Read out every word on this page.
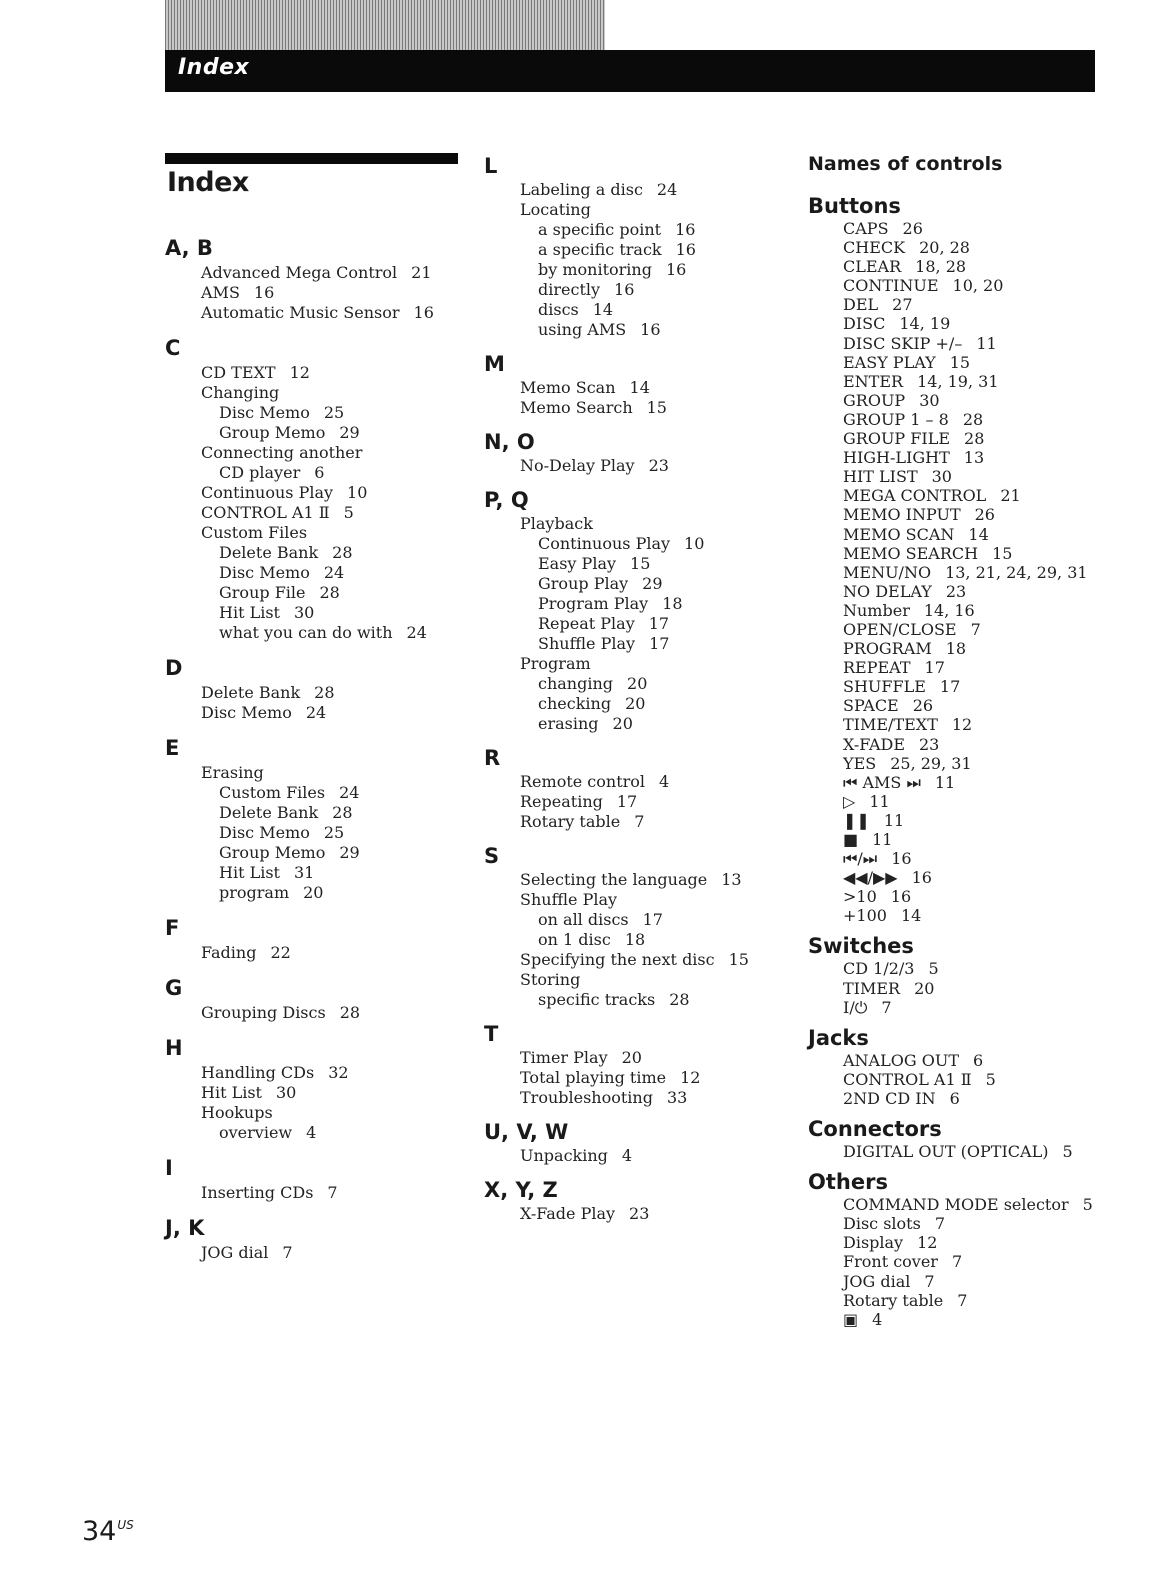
Index
Index
A, B
Advanced Mega Control 21
AMS 16
Automatic Music Sensor 16
C
CD TEXT 12
Changing
Disc Memo 25
Group Memo 29
Connecting another
CD player 6
Continuous Play 10
CONTROL A1 Ⅱ 5
Custom Files
Delete Bank 28
Disc Memo 24
Group File 28
Hit List 30
what you can do with 24
D
Delete Bank 28
Disc Memo 24
E
Erasing
Custom Files 24
Delete Bank 28
Disc Memo 25
Group Memo 29
Hit List 31
program 20
F
Fading 22
G
Grouping Discs 28
H
Handling CDs 32
Hit List 30
Hookups
overview 4
I
Inserting CDs 7
J, K
JOG dial 7
L
Labeling a disc 24
Locating
a specific point 16
a specific track 16
by monitoring 16
directly 16
discs 14
using AMS 16
M
Memo Scan 14
Memo Search 15
N, O
No-Delay Play 23
P, Q
Playback
Continuous Play 10
Easy Play 15
Group Play 29
Program Play 18
Repeat Play 17
Shuffle Play 17
Program
changing 20
checking 20
erasing 20
R
Remote control 4
Repeating 17
Rotary table 7
S
Selecting the language 13
Shuffle Play
on all discs 17
on 1 disc 18
Specifying the next disc 15
Storing
specific tracks 28
T
Timer Play 20
Total playing time 12
Troubleshooting 33
U, V, W
Unpacking 4
X, Y, Z
X-Fade Play 23
Names of controls
Buttons
CAPS 26
CHECK 20, 28
CLEAR 18, 28
CONTINUE 10, 20
DEL 27
DISC 14, 19
DISC SKIP +/– 11
EASY PLAY 15
ENTER 14, 19, 31
GROUP 30
GROUP 1 – 8 28
GROUP FILE 28
HIGH-LIGHT 13
HIT LIST 30
MEGA CONTROL 21
MEMO INPUT 26
MEMO SCAN 14
MEMO SEARCH 15
MENU/NO 13, 21, 24, 29, 31
NO DELAY 23
Number 14, 16
OPEN/CLOSE 7
PROGRAM 18
REPEAT 17
SHUFFLE 17
SPACE 26
TIME/TEXT 12
X-FADE 23
YES 25, 29, 31
⏮ AMS ⏭ 11
▷ 11
❚❚ 11
■ 11
⏮/⏭ 16
◀◀/▶▶ 16
>10 16
+100 14
Switches
CD 1/2/3 5
TIMER 20
I/⏻ 7
Jacks
ANALOG OUT 6
CONTROL A1 Ⅱ 5
2ND CD IN 6
Connectors
DIGITAL OUT (OPTICAL) 5
Others
COMMAND MODE selector 5
Disc slots 7
Display 12
Front cover 7
JOG dial 7
Rotary table 7
▣ 4
$34^{US}$
